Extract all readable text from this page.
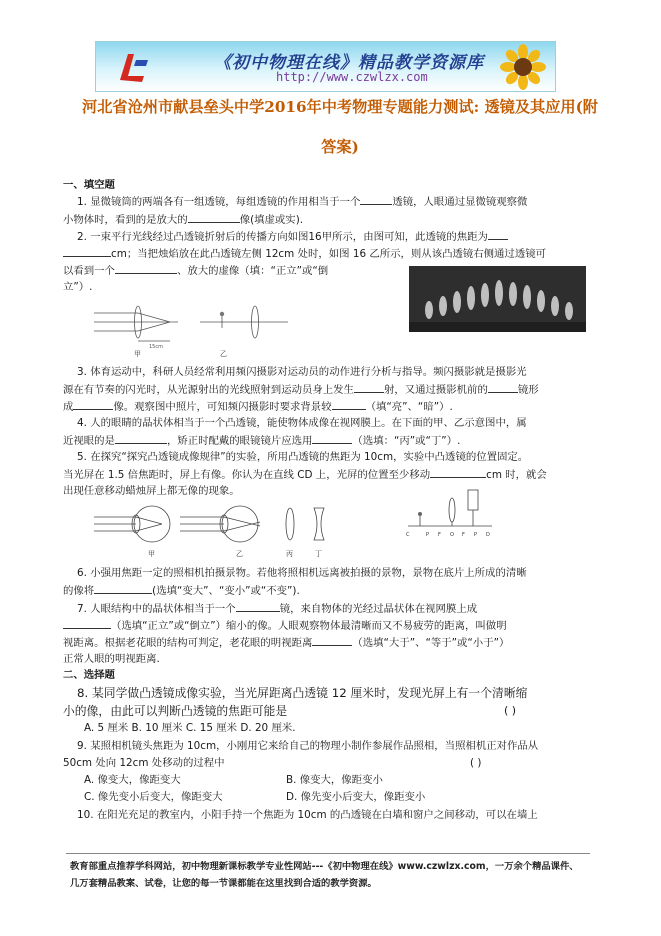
《初中物理在线》精品教学资源库
http://www.czwlzx.com
河北省沧州市献县垒头中学2016年中考物理专题能力测试: 透镜及其应用(附
答案)
一、填空题
1. 显微镜筒的两端各有一组透镜，每组透镜的作用相当于一个	透镜，人眼通过显微镜观察微
小物体时，看到的是放大的	像(填虚或实).
2. 一束平行光线经过凸透镜折射后的传播方向如图16甲所示，由图可知，此透镜的焦距为
cm；当把烛焰放在此凸透镜左侧 12cm 处时，如图 16 乙所示，则从该凸透镜右侧通过透镜可
以看到一个	、放大的虚像（填：“正立”或“倒
立”）.
15cm
甲	乙
3. 体育运动中，科研人员经常利用频闪摄影对运动员的动作进行分析与指导。频闪摄影就是摄影光
源在有节奏的闪光时，从光源射出的光线照射到运动员身上发生	射，又通过摄影机前的	镜形
成	像。观察图中照片，可知频闪摄影时要求背景较	（填“亮”、“暗”）.
4. 人的眼睛的晶状体相当于一个凸透镜，能使物体成像在视网膜上。在下面的甲、乙示意图中，属
近视眼的是	，矫正时配戴的眼镜镜片应选用	（选填：“丙”或“丁”）.
5. 在探究“探究凸透镜成像规律”的实验，所用凸透镜的焦距为 10cm，实验中凸透镜的位置固定。
当光屏在 1.5 倍焦距时，屏上有像。你认为在直线 CD 上，光屏的位置至少移动	cm 时，就会
出现任意移动蜡烛屏上都无像的现象。
甲	乙	丙	丁
C	P F O F P D
6. 小强用焦距一定的照相机拍摄景物。若他将照相机远离被拍摄的景物，景物在底片上所成的清晰
的像将	(选填“变大”、“变小”或“不变”).
7. 人眼结构中的晶状体相当于一个	镜，来自物体的光经过晶状体在视网膜上成
（选填“正立”或“倒立”）缩小的像。人眼观察物体最清晰而又不易疲劳的距离，叫做明
视距离。根据老花眼的结构可判定，老花眼的明视距离	（选填“大于”、“等于”或“小于”）
正常人眼的明视距离.
二、选择题
8. 某同学做凸透镜成像实验，当光屏距离凸透镜 12 厘米时，发现光屏上有一个清晰缩
小的像，由此可以判断凸透镜的焦距可能是	( )
A. 5 厘米 B. 10 厘米 C. 15 厘米 D. 20 厘米.
9. 某照相机镜头焦距为 10cm，小刚用它来给自己的物理小制作参展作品照相，当照相机正对作品从
50cm 处向 12cm 处移动的过程中	( )
A. 像变大，像距变大	B. 像变大，像距变小
C. 像先变小后变大，像距变大	D. 像先变小后变大，像距变小
10. 在阳光充足的教室内，小阳手持一个焦距为 10cm 的凸透镜在白墙和窗户之间移动，可以在墙上
教育部重点推荐学科网站，初中物理新课标教学专业性网站---《初中物理在线》www.czwlzx.com，一万余个精品课件、
几万套精品教案、试卷，让您的每一节课都能在这里找到合适的教学资源。
